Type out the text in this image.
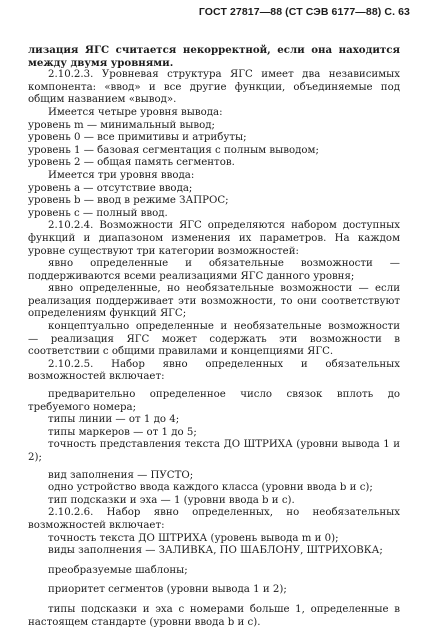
ГОСТ 27817—88 (СТ СЭВ 6177—88) С. 63

лизация ЯГС считается некорректной, если она находится между двумя уровнями.

2.10.2.3. Уровневая структура ЯГС имеет два независимых компонента: «ввод» и все другие функции, объединяемые под общим названием «вывод».

Имеется четыре уровня вывода:

уровень m — минимальный вывод;

уровень 0 — все примитивы и атрибуты;

уровень 1 — базовая сегментация с полным выводом;

уровень 2 — общая память сегментов.

Имеется три уровня ввода:

уровень a — отсутствие ввода;

уровень b — ввод в режиме ЗАПРОС;

уровень c — полный ввод.

2.10.2.4. Возможности ЯГС определяются набором доступных функций и диапазоном изменения их параметров. На каждом уровне существуют три категории возможностей:

явно определенные и обязательные возможности — поддерживаются всеми реализациями ЯГС данного уровня;

явно определенные, но необязательные возможности — если реализация поддерживает эти возможности, то они соответствуют определениям функций ЯГС;

концептуально определенные и необязательные возможности — реализация ЯГС может содержать эти возможности в соответствии с общими правилами и концепциями ЯГС.

2.10.2.5. Набор явно определенных и обязательных возможностей включает:

предварительно определенное число связок вплоть до требуемого номера;

типы линии — от 1 до 4;

типы маркеров — от 1 до 5;

точность представления текста ДО ШТРИХА (уровни вывода 1 и 2);

вид заполнения — ПУСТО;

одно устройство ввода каждого класса (уровни ввода b и c);

тип подсказки и эха — 1 (уровни ввода b и c).

2.10.2.6. Набор явно определенных, но необязательных возможностей включает:

точность текста ДО ШТРИХА (уровень вывода m и 0);

виды заполнения — ЗАЛИВКА, ПО ШАБЛОНУ, ШТРИХОВКА;

преобразуемые шаблоны;

приоритет сегментов (уровни вывода 1 и 2);

типы подсказки и эха с номерами больше 1, определенные в настоящем стандарте (уровни ввода b и c).
